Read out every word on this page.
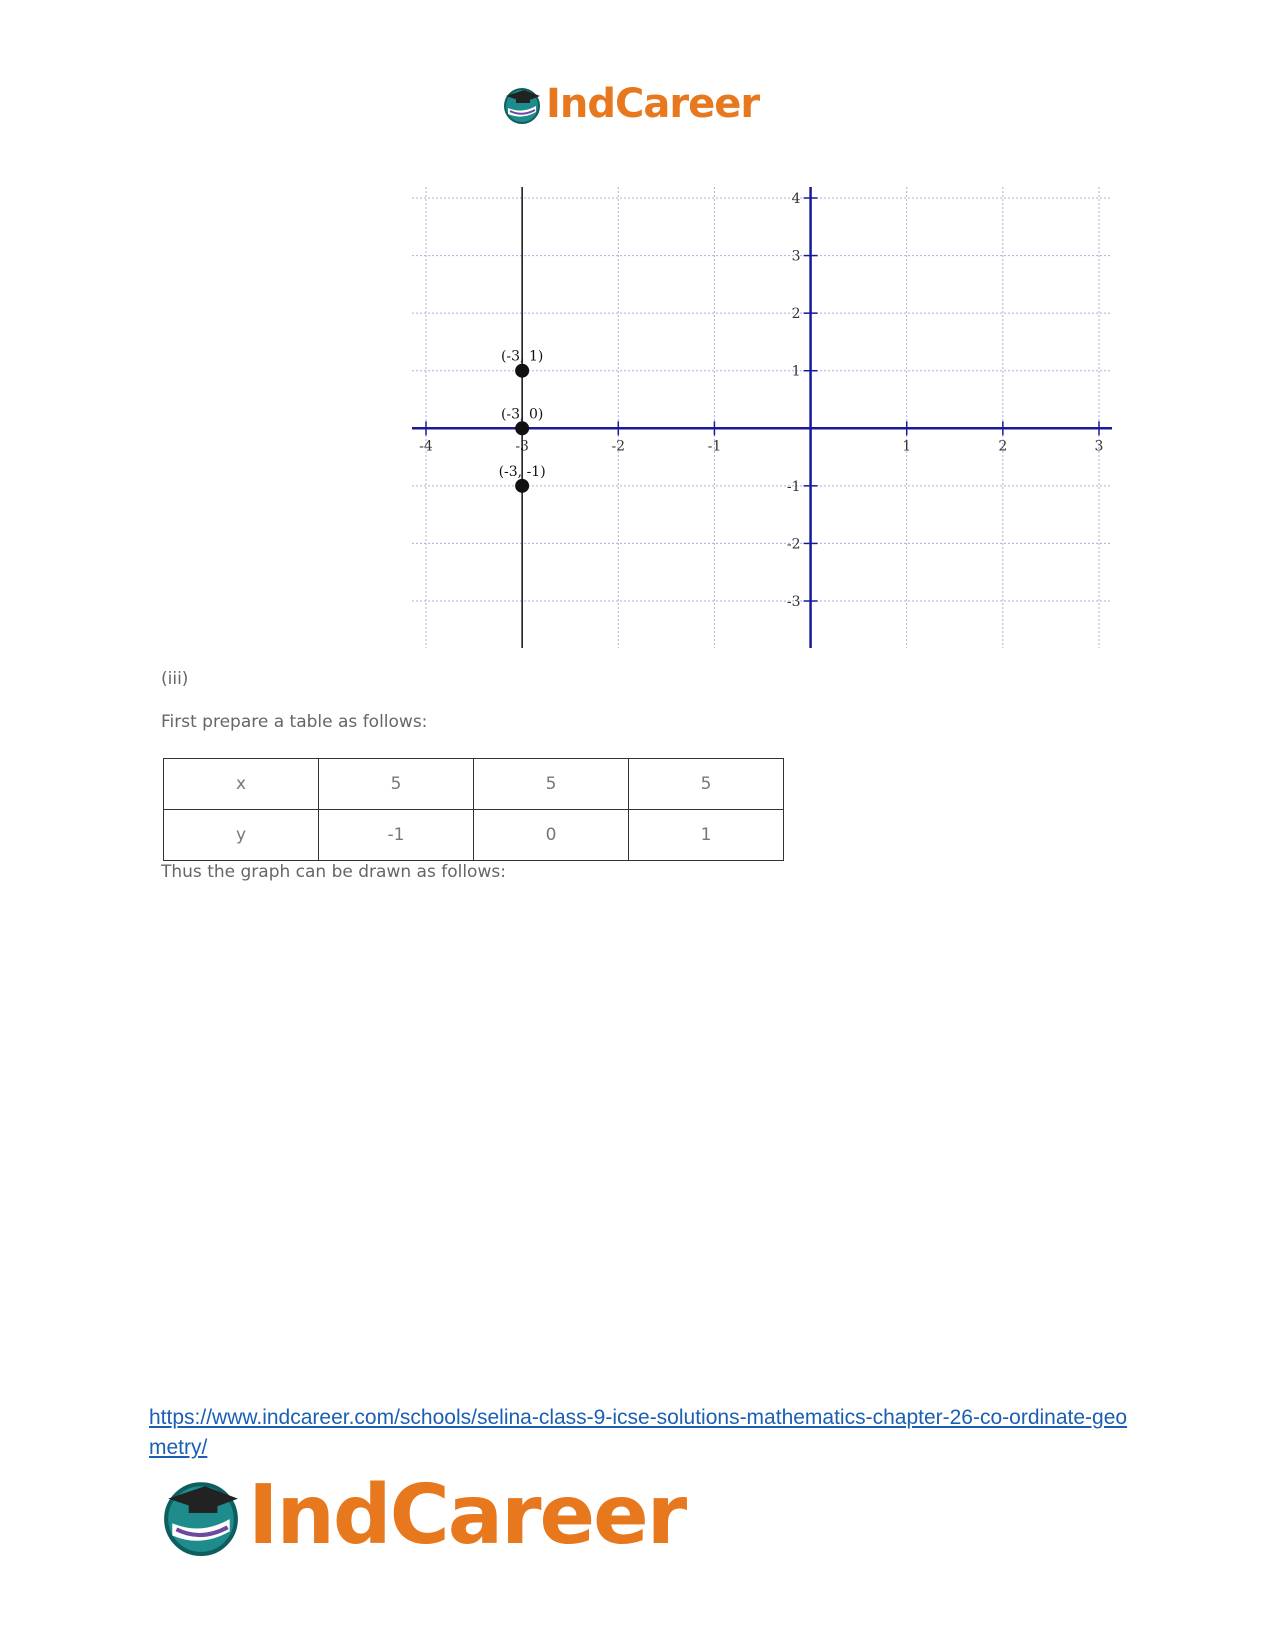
IndCareer
-4	-3	-2	-1	1	2	3
-3
-2
-1
1
2
3
4
(-3, 1)
(-3, 0)
(-3, -1)
(iii)
First prepare a table as follows:
x	5	5	5
y	-1	0	1
Thus the graph can be drawn as follows:
https://www.indcareer.com/schools/selina-class-9-icse-solutions-mathematics-chapter-26-co-ordinate-geometry/
IndCareer
